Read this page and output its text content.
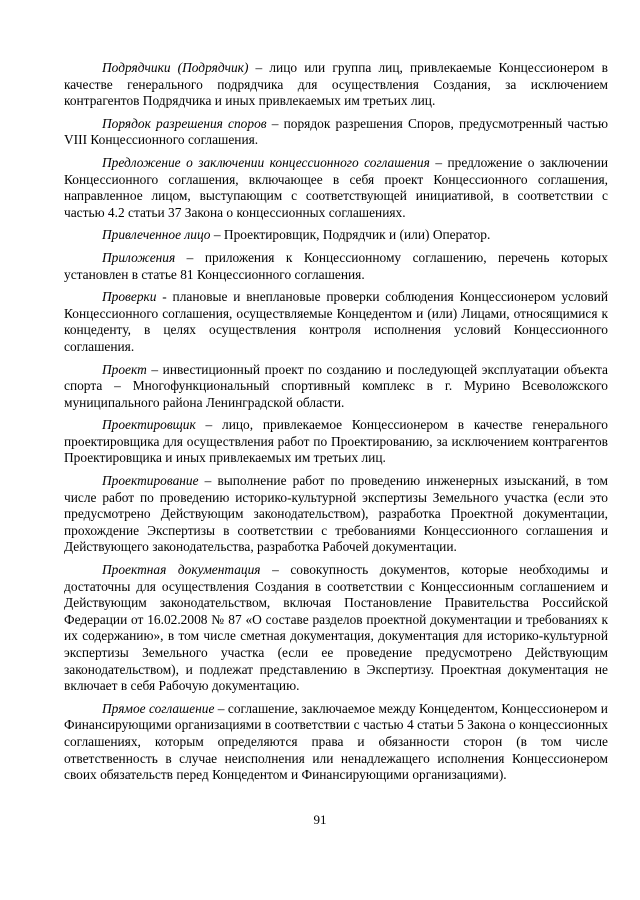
Подрядчики (Подрядчик) – лицо или группа лиц, привлекаемые Концессионером в качестве генерального подрядчика для осуществления Создания, за исключением контрагентов Подрядчика и иных привлекаемых им третьих лиц.

Порядок разрешения споров – порядок разрешения Споров, предусмотренный частью VIII Концессионного соглашения.

Предложение о заключении концессионного соглашения – предложение о заключении Концессионного соглашения, включающее в себя проект Концессионного соглашения, направленное лицом, выступающим с соответствующей инициативой, в соответствии с частью 4.2 статьи 37 Закона о концессионных соглашениях.

Привлеченное лицо – Проектировщик, Подрядчик и (или) Оператор.

Приложения – приложения к Концессионному соглашению, перечень которых установлен в статье 81 Концессионного соглашения.

Проверки - плановые и внеплановые проверки соблюдения Концессионером условий Концессионного соглашения, осуществляемые Концедентом и (или) Лицами, относящимися к концеденту, в целях осуществления контроля исполнения условий Концессионного соглашения.

Проект – инвестиционный проект по созданию и последующей эксплуатации объекта спорта – Многофункциональный спортивный комплекс в г. Мурино Всеволожского муниципального района Ленинградской области.

Проектировщик – лицо, привлекаемое Концессионером в качестве генерального проектировщика для осуществления работ по Проектированию, за исключением контрагентов Проектировщика и иных привлекаемых им третьих лиц.

Проектирование – выполнение работ по проведению инженерных изысканий, в том числе работ по проведению историко-культурной экспертизы Земельного участка (если это предусмотрено Действующим законодательством), разработка Проектной документации, прохождение Экспертизы в соответствии с требованиями Концессионного соглашения и Действующего законодательства, разработка Рабочей документации.

Проектная документация – совокупность документов, которые необходимы и достаточны для осуществления Создания в соответствии с Концессионным соглашением и Действующим законодательством, включая Постановление Правительства Российской Федерации от 16.02.2008 № 87 «О составе разделов проектной документации и требованиях к их содержанию», в том числе сметная документация, документация для историко-культурной экспертизы Земельного участка (если ее проведение предусмотрено Действующим законодательством), и подлежат представлению в Экспертизу. Проектная документация не включает в себя Рабочую документацию.

Прямое соглашение – соглашение, заключаемое между Концедентом, Концессионером и Финансирующими организациями в соответствии с частью 4 статьи 5 Закона о концессионных соглашениях, которым определяются права и обязанности сторон (в том числе ответственность в случае неисполнения или ненадлежащего исполнения Концессионером своих обязательств перед Концедентом и Финансирующими организациями).

91
